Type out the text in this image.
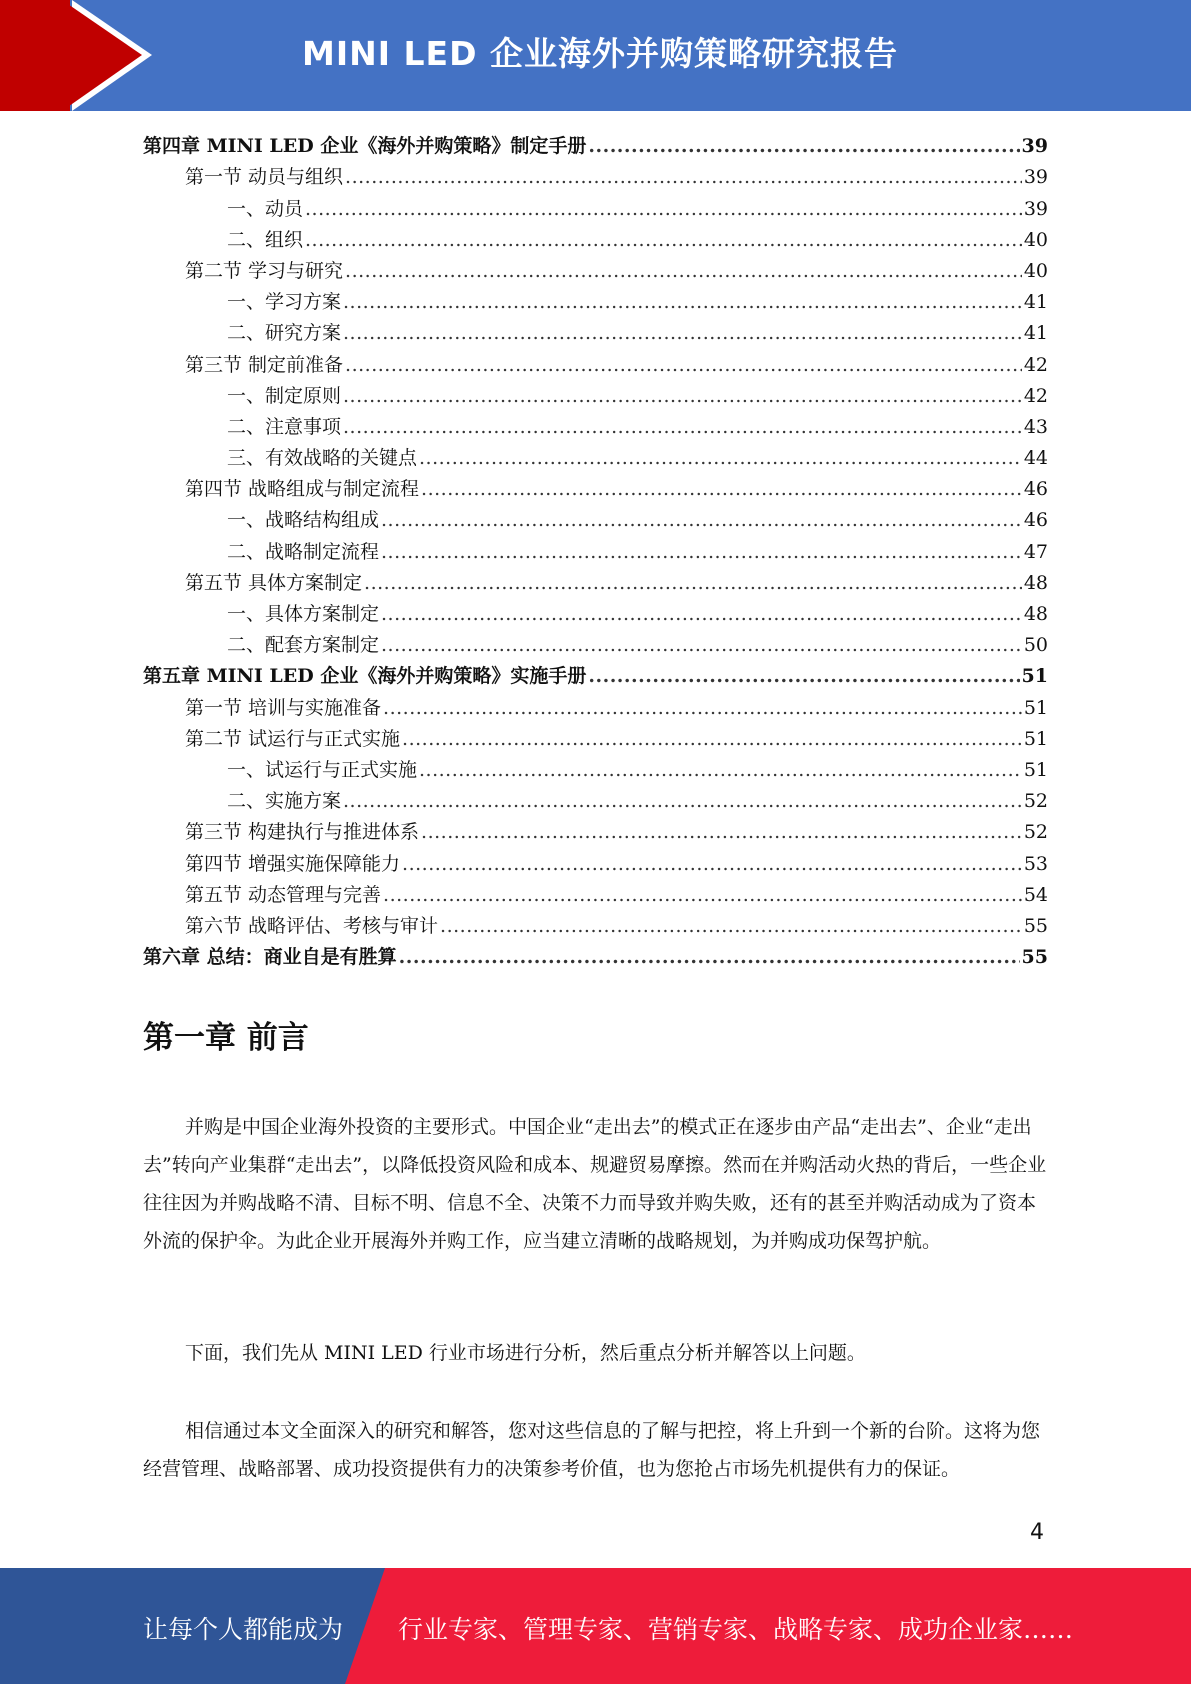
MINI LED 企业海外并购策略研究报告
第四章 MINI LED 企业《海外并购策略》制定手册 .....	39
第一节 动员与组织 .....	39
一、动员 .....	39
二、组织 .....	40
第二节 学习与研究 .....	40
一、学习方案 .....	41
二、研究方案 .....	41
第三节 制定前准备 .....	42
一、制定原则 .....	42
二、注意事项 .....	43
三、有效战略的关键点 .....	44
第四节 战略组成与制定流程 .....	46
一、战略结构组成 .....	46
二、战略制定流程 .....	47
第五节 具体方案制定 .....	48
一、具体方案制定 .....	48
二、配套方案制定 .....	50
第五章 MINI LED 企业《海外并购策略》实施手册 .....	51
第一节 培训与实施准备 .....	51
第二节 试运行与正式实施 .....	51
一、试运行与正式实施 .....	51
二、实施方案 .....	52
第三节 构建执行与推进体系 .....	52
第四节 增强实施保障能力 .....	53
第五节 动态管理与完善 .....	54
第六节 战略评估、考核与审计 .....	55
第六章 总结：商业自是有胜算 .....	55
第一章 前言
并购是中国企业海外投资的主要形式。中国企业“走出去”的模式正在逐步由产品“走出去”、企业“走出去”转向产业集群“走出去”，以降低投资风险和成本、规避贸易摩擦。然而在并购活动火热的背后，一些企业往往因为并购战略不清、目标不明、信息不全、决策不力而导致并购失败，还有的甚至并购活动成为了资本外流的保护伞。为此企业开展海外并购工作，应当建立清晰的战略规划，为并购成功保驾护航。
下面，我们先从 MINI LED 行业市场进行分析，然后重点分析并解答以上问题。
相信通过本文全面深入的研究和解答，您对这些信息的了解与把控，将上升到一个新的台阶。这将为您经营管理、战略部署、成功投资提供有力的决策参考价值，也为您抢占市场先机提供有力的保证。
4
让每个人都能成为 行业专家、管理专家、营销专家、战略专家、成功企业家……
